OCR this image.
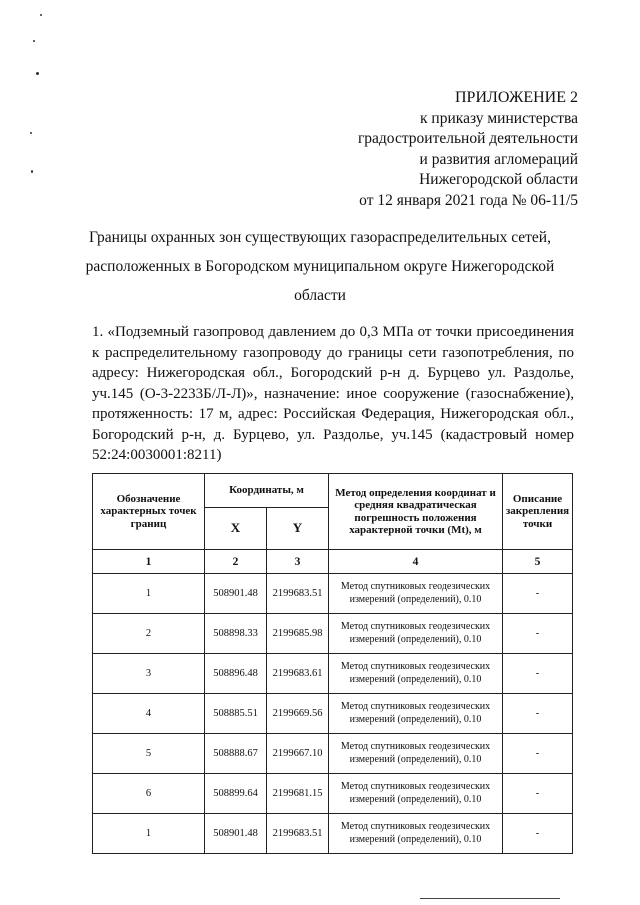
ПРИЛОЖЕНИЕ 2
к приказу министерства
градостроительной деятельности
и развития агломераций
Нижегородской области
от 12 января 2021 года № 06-11/5
Границы охранных зон существующих газораспределительных сетей,
расположенных в Богородском муниципальном округе Нижегородской
области
1. «Подземный газопровод давлением до 0,3 МПа от точки присоединения к распределительному газопроводу до границы сети газопотребления, по адресу: Нижегородская обл., Богородский р-н д. Бурцево ул. Раздолье, уч.145 (О-3-2233Б/Л-Л)», назначение: иное сооружение (газоснабжение), протяженность: 17 м, адрес: Российская Федерация, Нижегородская обл., Богородский р-н, д. Бурцево, ул. Раздолье, уч.145 (кадастровый номер 52:24:0030001:8211)
Обозначение характерных точек границ	Координаты, м		Метод определения координат и средняя квадратическая погрешность положения характерной точки (Mt), м	Описание закрепления точки
	X	Y		
1	2	3	4	5
1	508901.48	2199683.51	Метод спутниковых геодезических измерений (определений), 0.10	-
2	508898.33	2199685.98	Метод спутниковых геодезических измерений (определений), 0.10	-
3	508896.48	2199683.61	Метод спутниковых геодезических измерений (определений), 0.10	-
4	508885.51	2199669.56	Метод спутниковых геодезических измерений (определений), 0.10	-
5	508888.67	2199667.10	Метод спутниковых геодезических измерений (определений), 0.10	-
6	508899.64	2199681.15	Метод спутниковых геодезических измерений (определений), 0.10	-
1	508901.48	2199683.51	Метод спутниковых геодезических измерений (определений), 0.10	-
